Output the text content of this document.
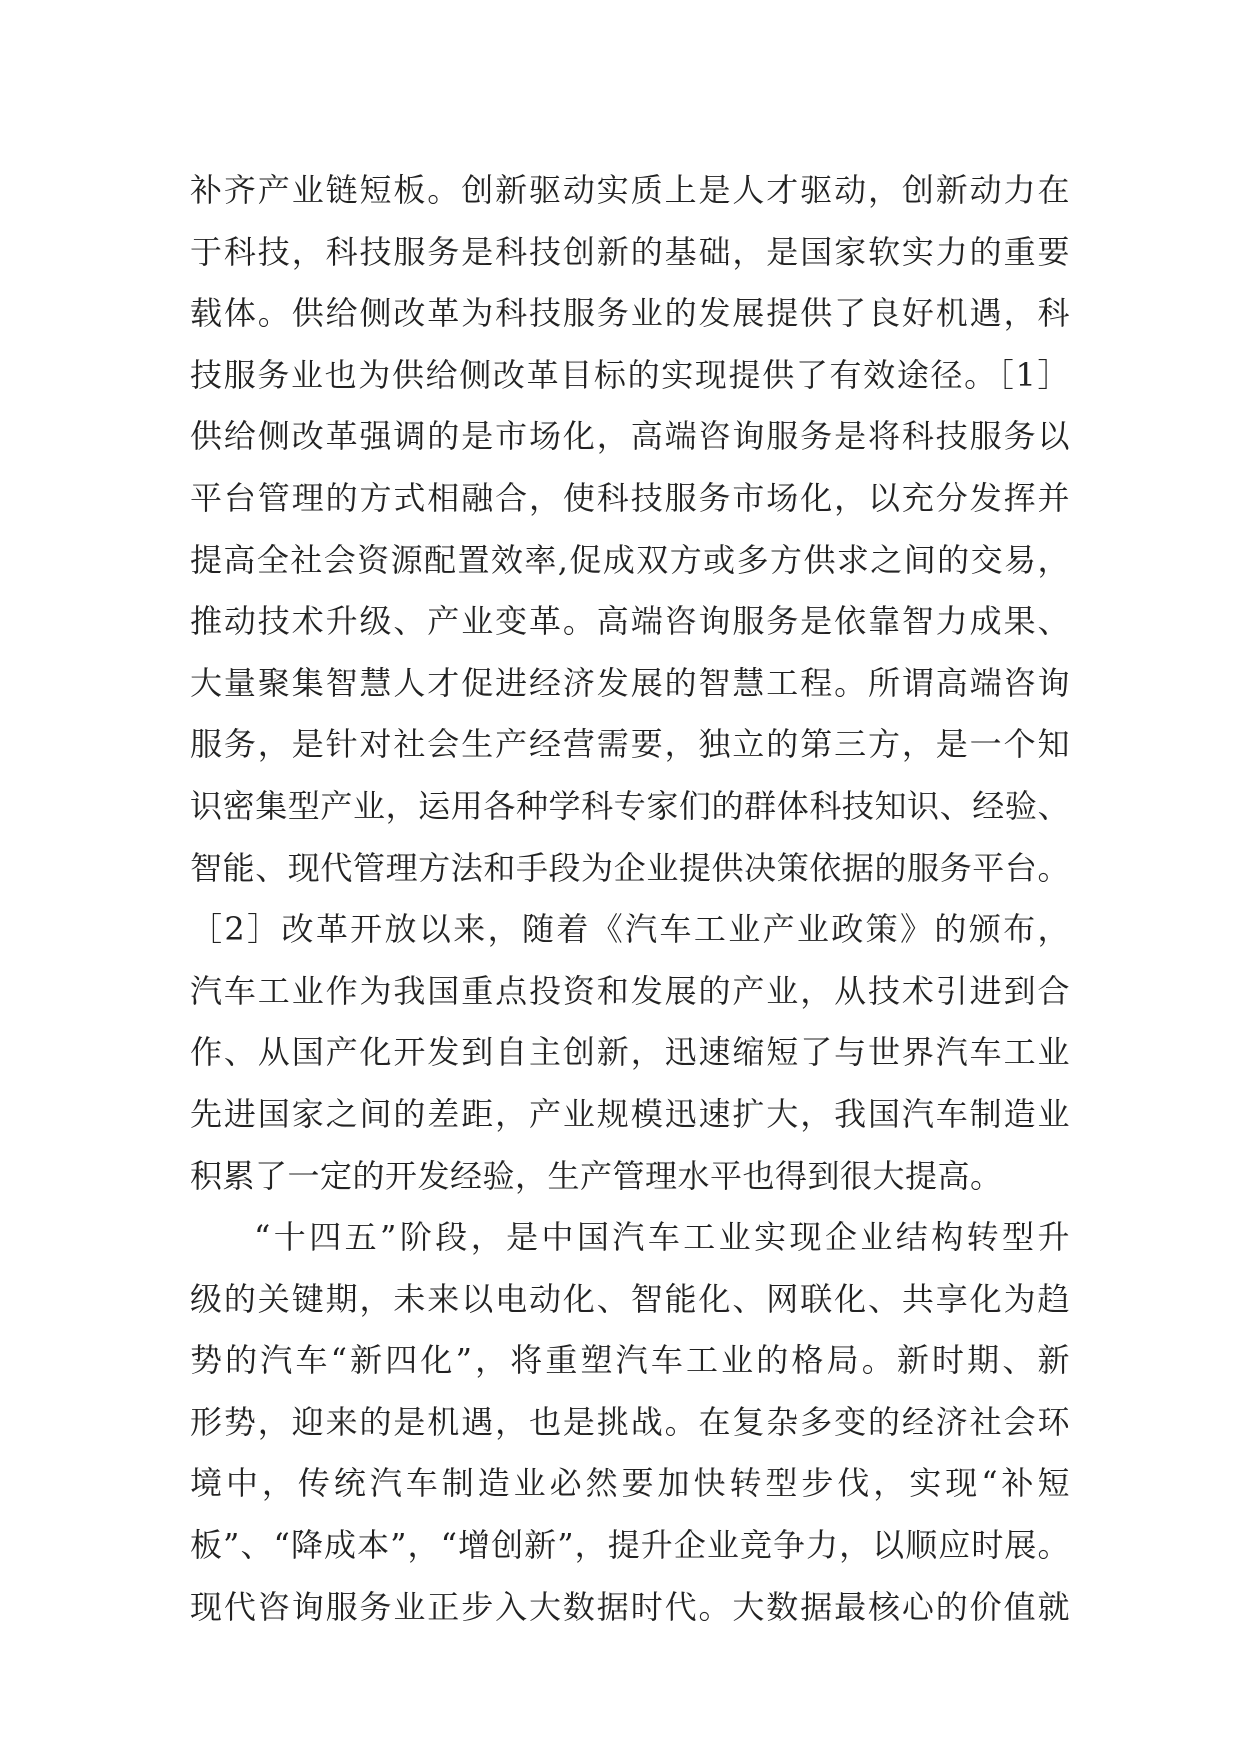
补齐产业链短板。创新驱动实质上是人才驱动，创新动力在
于科技，科技服务是科技创新的基础，是国家软实力的重要
载体。供给侧改革为科技服务业的发展提供了良好机遇，科
技服务业也为供给侧改革目标的实现提供了有效途径。［1］
供给侧改革强调的是市场化，高端咨询服务是将科技服务以
平台管理的方式相融合，使科技服务市场化，以充分发挥并
提高全社会资源配置效率,促成双方或多方供求之间的交易，
推动技术升级、产业变革。高端咨询服务是依靠智力成果、
大量聚集智慧人才促进经济发展的智慧工程。所谓高端咨询
服务，是针对社会生产经营需要，独立的第三方，是一个知
识密集型产业，运用各种学科专家们的群体科技知识、经验、
智能、现代管理方法和手段为企业提供决策依据的服务平台。
［2］改革开放以来，随着《汽车工业产业政策》的颁布，
汽车工业作为我国重点投资和发展的产业，从技术引进到合
作、从国产化开发到自主创新，迅速缩短了与世界汽车工业
先进国家之间的差距，产业规模迅速扩大，我国汽车制造业
积累了一定的开发经验，生产管理水平也得到很大提高。
“十四五”阶段，是中国汽车工业实现企业结构转型升
级的关键期，未来以电动化、智能化、网联化、共享化为趋
势的汽车“新四化”，将重塑汽车工业的格局。新时期、新
形势，迎来的是机遇，也是挑战。在复杂多变的经济社会环
境中，传统汽车制造业必然要加快转型步伐，实现“补短
板”、“降成本”，“增创新”，提升企业竞争力，以顺应时展。
现代咨询服务业正步入大数据时代。大数据最核心的价值就
